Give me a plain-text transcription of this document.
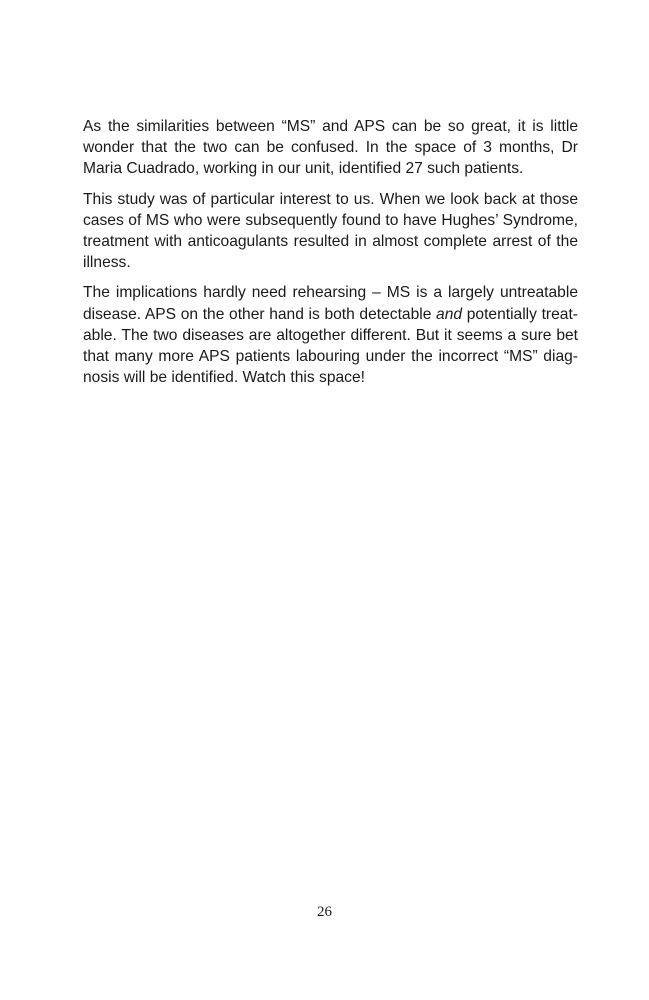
As the similarities between “MS” and APS can be so great, it is little wonder that the two can be confused. In the space of 3 months, Dr Maria Cuadrado, working in our unit, identified 27 such patients.

This study was of particular interest to us. When we look back at those cases of MS who were subsequently found to have Hughes’ Syndrome, treatment with anticoagulants resulted in almost complete arrest of the illness.

The implications hardly need rehearsing – MS is a largely untreatable disease. APS on the other hand is both detectable and potentially treatable. The two diseases are altogether different. But it seems a sure bet that many more APS patients labouring under the incorrect “MS” diagnosis will be identified. Watch this space!

26
